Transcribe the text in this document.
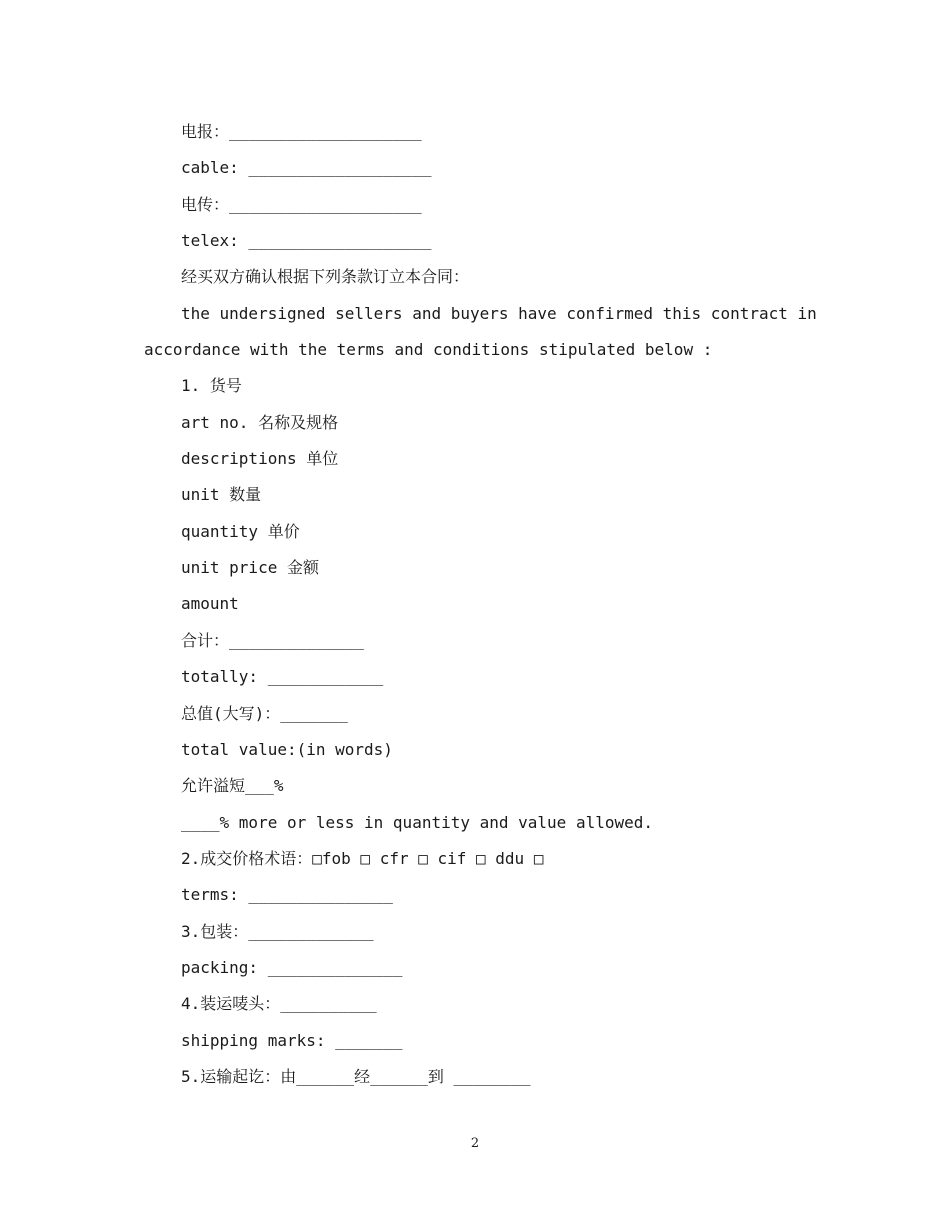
电报：____________________
cable: ___________________
电传：____________________
telex: ___________________
经买双方确认根据下列条款订立本合同：
the undersigned sellers and buyers have confirmed this contract in
accordance with the terms and conditions stipulated below :
1. 货号
art no. 名称及规格
descriptions 单位
unit 数量
quantity 单价
unit price 金额
amount
合计：______________
totally: ____________
总值(大写)：_______
total value:(in words)
允许溢短___%
____% more or less in quantity and value allowed.
2.成交价格术语：□fob □ cfr □ cif □ ddu □
terms: _______________
3.包装：_____________
packing: ______________
4.装运唛头：__________
shipping marks: _______
5.运输起讫：由______经______到 ________
2
